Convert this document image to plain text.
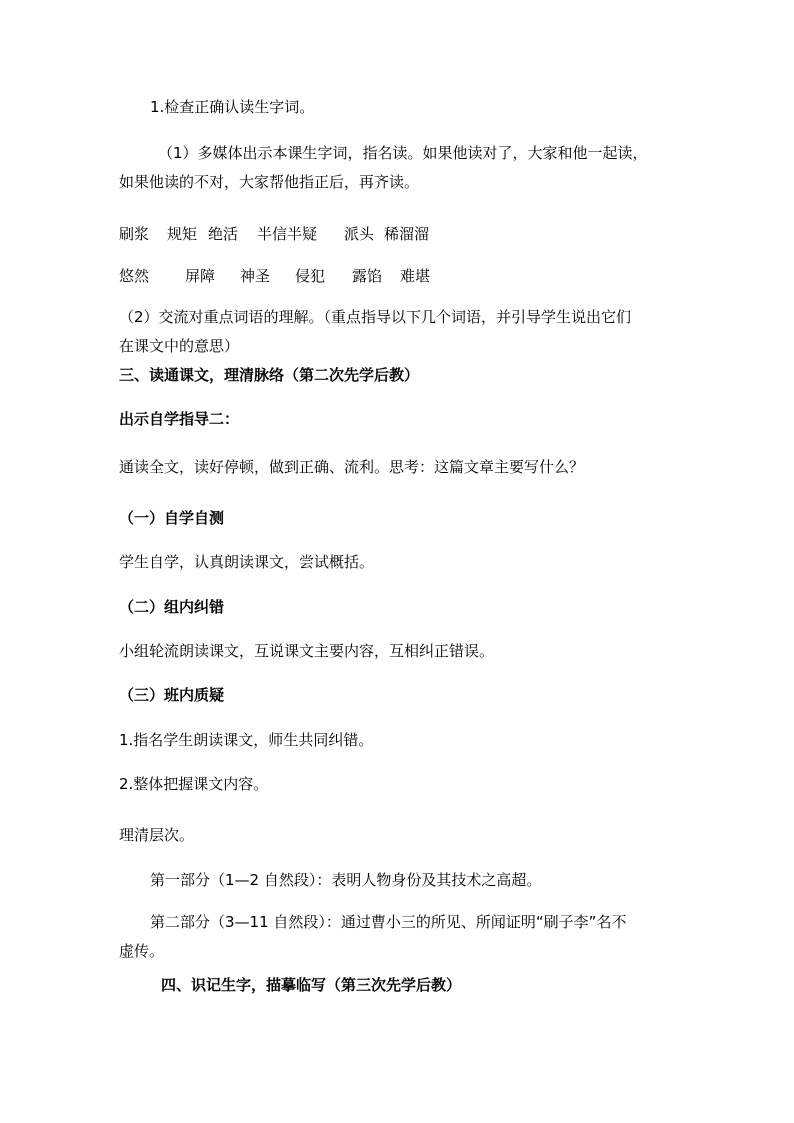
1.检查正确认读生字词。
（1）多媒体出示本课生字词，指名读。如果他读对了，大家和他一起读，
如果他读的不对，大家帮他指正后，再齐读。
刷浆 规矩 绝活 半信半疑 派头 稀溜溜
悠然 屏障 神圣 侵犯 露馅 难堪
（2）交流对重点词语的理解。（重点指导以下几个词语，并引导学生说出它们
在课文中的意思）
三、读通课文，理清脉络（第二次先学后教）
出示自学指导二：
通读全文，读好停顿，做到正确、流利。思考：这篇文章主要写什么？
（一）自学自测
学生自学，认真朗读课文，尝试概括。
（二）组内纠错
小组轮流朗读课文，互说课文主要内容，互相纠正错误。
（三）班内质疑
1.指名学生朗读课文，师生共同纠错。
2.整体把握课文内容。
理清层次。
第一部分（1—2 自然段）：表明人物身份及其技术之高超。
第二部分（3—11 自然段）：通过曹小三的所见、所闻证明“刷子李”名不
虚传。
四、识记生字，描摹临写（第三次先学后教）
